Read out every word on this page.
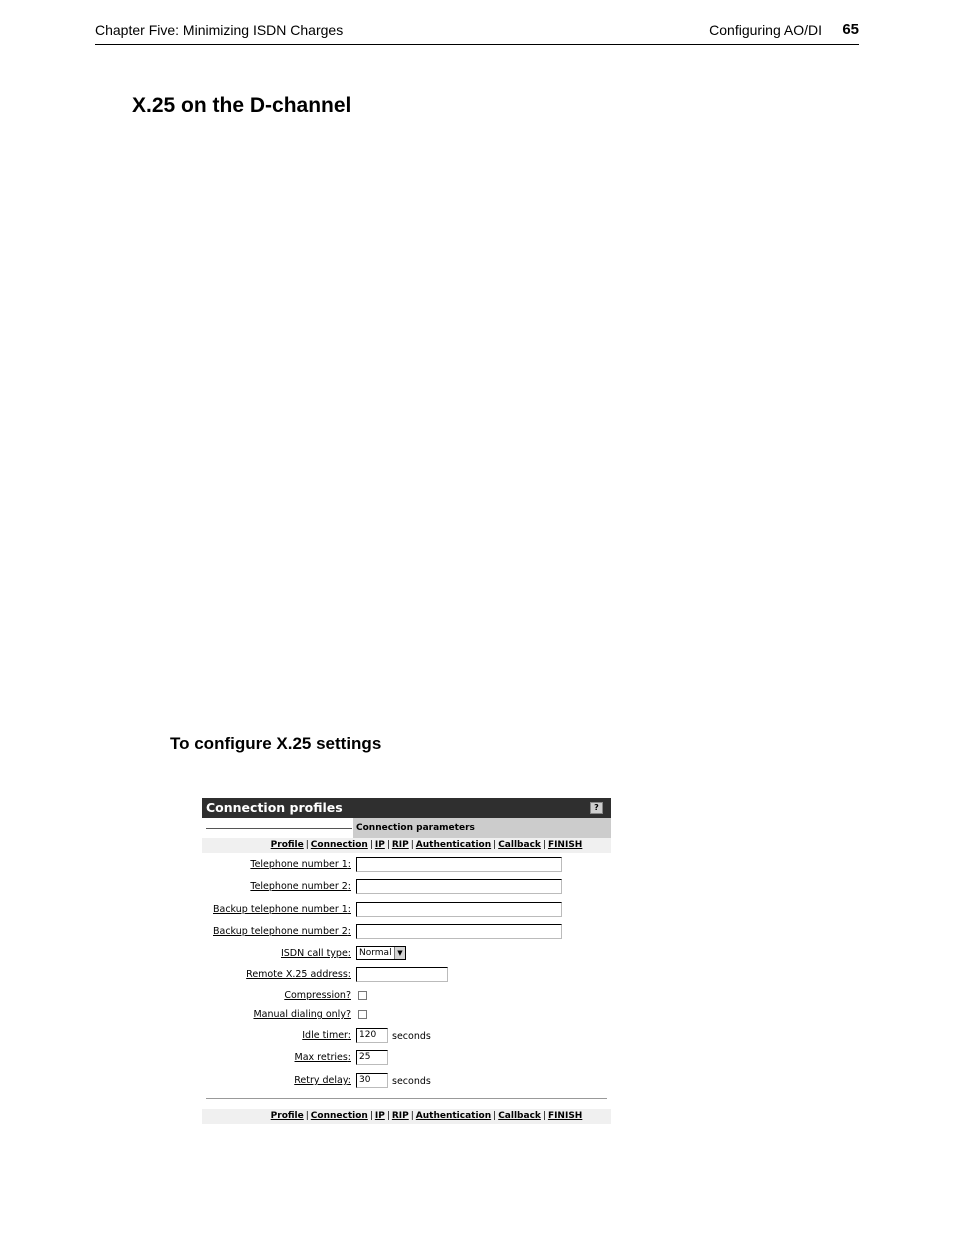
Chapter Five: Minimizing ISDN Charges	Configuring AO/DI 65
X.25 on the D-channel
To configure X.25 settings
Connection profiles	?
Connection parameters
Profile | Connection | IP | RIP | Authentication | Callback | FINISH
Telephone number 1:
Telephone number 2:
Backup telephone number 1:
Backup telephone number 2:
ISDN call type: Normal ▼
Remote X.25 address:
Compression?
Manual dialing only?
Idle timer: 120	seconds
Max retries: 25
Retry delay: 30	seconds
Profile | Connection | IP | RIP | Authentication | Callback | FINISH
